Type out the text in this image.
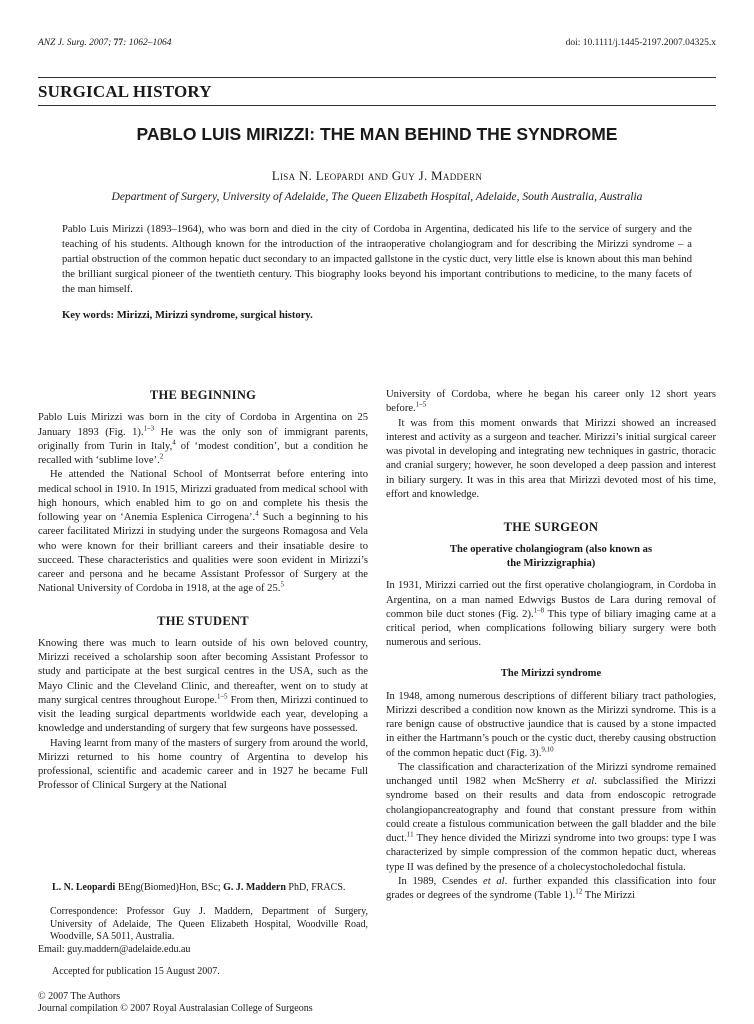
ANZ J. Surg. 2007; 77: 1062–1064	doi: 10.1111/j.1445-2197.2007.04325.x
SURGICAL HISTORY
PABLO LUIS MIRIZZI: THE MAN BEHIND THE SYNDROME
Lisa N. Leopardi and Guy J. Maddern
Department of Surgery, University of Adelaide, The Queen Elizabeth Hospital, Adelaide, South Australia, Australia
Pablo Luis Mirizzi (1893–1964), who was born and died in the city of Cordoba in Argentina, dedicated his life to the service of surgery and the teaching of his students. Although known for the introduction of the intraoperative cholangiogram and for describing the Mirizzi syndrome – a partial obstruction of the common hepatic duct secondary to an impacted gallstone in the cystic duct, very little else is known about this man behind the brilliant surgical pioneer of the twentieth century. This biography looks beyond his important contributions to medicine, to the many facets of the man himself.
Key words: Mirizzi, Mirizzi syndrome, surgical history.
THE BEGINNING

Pablo Luis Mirizzi was born in the city of Cordoba in Argentina on 25 January 1893 (Fig. 1).$^{1-3}$ He was the only son of immigrant parents, originally from Turin in Italy,$^4$ of ‘modest condition’, but a condition he recalled with ‘sublime love’.$^2$

He attended the National School of Montserrat before entering into medical school in 1910. In 1915, Mirizzi graduated from medical school with high honours, which enabled him to go on and complete his thesis the following year on ‘Anemia Esplenica Cirrogena’.$^4$ Such a beginning to his career facilitated Mirizzi in studying under the surgeons Romagosa and Vela who were known for their brilliant careers and their insatiable desire to succeed. These characteristics and qualities were soon evident in Mirizzi’s career and persona and he became Assistant Professor of Surgery at the National University of Cordoba in 1918, at the age of 25.$^5$

THE STUDENT

Knowing there was much to learn outside of his own beloved country, Mirizzi received a scholarship soon after becoming Assistant Professor to study and participate at the best surgical centres in the USA, such as the Mayo Clinic and the Cleveland Clinic, and thereafter, went on to study at many surgical centres throughout Europe.$^{1-5}$ From then, Mirizzi continued to visit the leading surgical departments worldwide each year, developing a knowledge and understanding of surgery that few surgeons have possessed.

Having learnt from many of the masters of surgery from around the world, Mirizzi returned to his home country of Argentina to develop his professional, scientific and academic career and in 1927 he became Full Professor of Clinical Surgery at the National

University of Cordoba, where he began his career only 12 short years before.$^{1-5}$

It was from this moment onwards that Mirizzi showed an increased interest and activity as a surgeon and teacher. Mirizzi’s initial surgical career was pivotal in developing and integrating new techniques in gastric, thoracic and cranial surgery; however, he soon developed a deep passion and interest in biliary surgery. It was in this area that Mirizzi devoted most of his time, effort and knowledge.

THE SURGEON
The operative cholangiogram (also known as
the Mirizzigraphia)

In 1931, Mirizzi carried out the first operative cholangiogram, in Cordoba in Argentina, on a man named Edwvigs Bustos de Lara during removal of common bile duct stones (Fig. 2).$^{1-8}$ This type of biliary imaging came at a critical period, when complications following biliary surgery were both numerous and serious.

The Mirizzi syndrome

In 1948, among numerous descriptions of different biliary tract pathologies, Mirizzi described a condition now known as the Mirizzi syndrome. This is a rare benign cause of obstructive jaundice that is caused by a stone impacted in either the Hartmann’s pouch or the cystic duct, thereby causing obstruction of the common hepatic duct (Fig. 3).$^{9,10}$

The classification and characterization of the Mirizzi syndrome remained unchanged until 1982 when McSherry et al. subclassified the Mirizzi syndrome based on their results and data from endoscopic retrograde cholangiopancreatography and found that constant pressure from within could create a fistulous communication between the gall bladder and the bile duct.$^{11}$ They hence divided the Mirizzi syndrome into two groups: type I was characterized by simple compression of the common hepatic duct, whereas type II was defined by the presence of a cholecystocholedochal fistula.

In 1989, Csendes et al. further expanded this classification into four grades or degrees of the syndrome (Table 1).$^{12}$ The Mirizzi

L. N. Leopardi BEng(Biomed)Hon, BSc; G. J. Maddern PhD, FRACS.
Correspondence: Professor Guy J. Maddern, Department of Surgery, University of Adelaide, The Queen Elizabeth Hospital, Woodville Road, Woodville, SA 5011, Australia.
Email: guy.maddern@adelaide.edu.au
Accepted for publication 15 August 2007.
© 2007 The Authors
Journal compilation © 2007 Royal Australasian College of Surgeons
